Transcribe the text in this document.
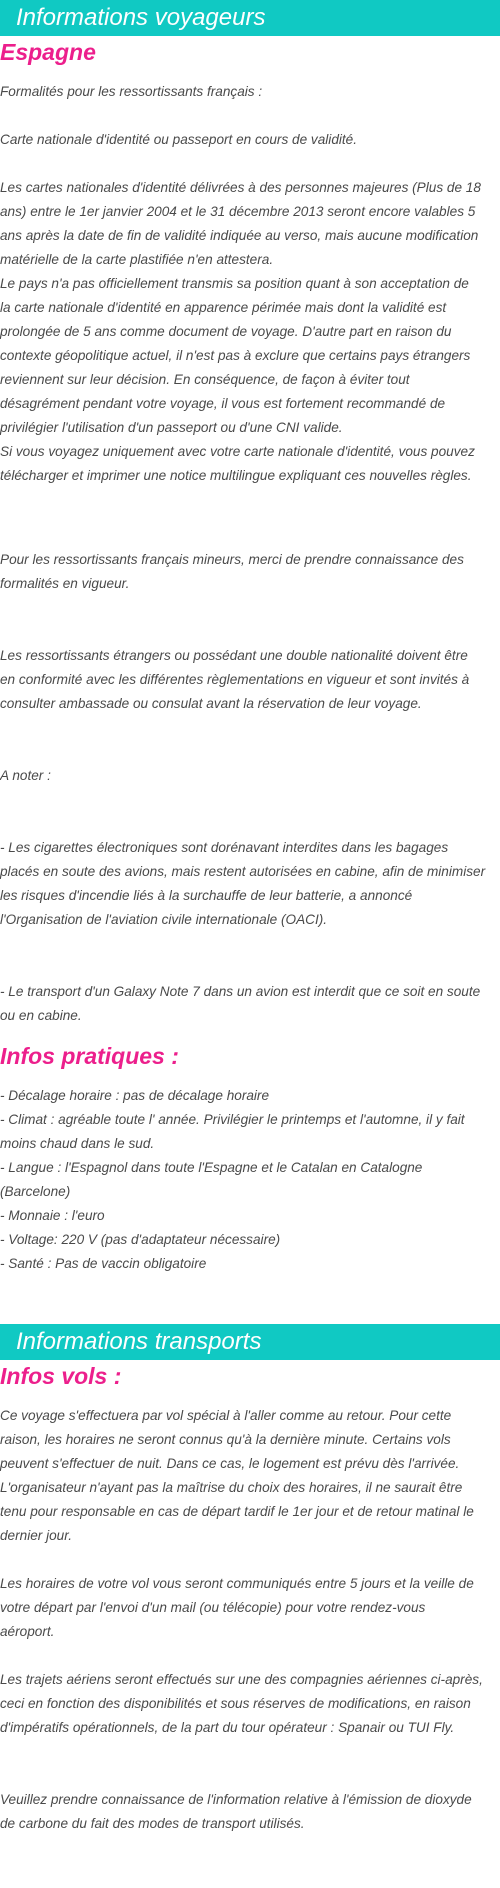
Informations voyageurs
Espagne

Formalités pour les ressortissants français :

Carte nationale d'identité ou passeport en cours de validité.

Les cartes nationales d'identité délivrées à des personnes majeures (Plus de 18
ans) entre le 1er janvier 2004 et le 31 décembre 2013 seront encore valables 5
ans après la date de fin de validité indiquée au verso, mais aucune modification
matérielle de la carte plastifiée n'en attestera.
Le pays n'a pas officiellement transmis sa position quant à son acceptation de
la carte nationale d'identité en apparence périmée mais dont la validité est
prolongée de 5 ans comme document de voyage. D'autre part en raison du
contexte géopolitique actuel, il n'est pas à exclure que certains pays étrangers
reviennent sur leur décision. En conséquence, de façon à éviter tout
désagrément pendant votre voyage, il vous est fortement recommandé de
privilégier l'utilisation d'un passeport ou d'une CNI valide.
Si vous voyagez uniquement avec votre carte nationale d'identité, vous pouvez
télécharger et imprimer une notice multilingue expliquant ces nouvelles règles.

Pour les ressortissants français mineurs, merci de prendre connaissance des
formalités en vigueur.

Les ressortissants étrangers ou possédant une double nationalité doivent être
en conformité avec les différentes règlementations en vigueur et sont invités à
consulter ambassade ou consulat avant la réservation de leur voyage.

A noter :

- Les cigarettes électroniques sont dorénavant interdites dans les bagages
placés en soute des avions, mais restent autorisées en cabine, afin de minimiser
les risques d'incendie liés à la surchauffe de leur batterie, a annoncé
l'Organisation de l'aviation civile internationale (OACI).

- Le transport d'un Galaxy Note 7 dans un avion est interdit que ce soit en soute
ou en cabine.

Infos pratiques :

- Décalage horaire : pas de décalage horaire
- Climat : agréable toute l' année. Privilégier le printemps et l'automne, il y fait
moins chaud dans le sud.
- Langue : l'Espagnol dans toute l'Espagne et le Catalan en Catalogne
(Barcelone)
- Monnaie : l'euro
- Voltage: 220 V (pas d'adaptateur nécessaire)
- Santé : Pas de vaccin obligatoire

Informations transports
Infos vols :

Ce voyage s'effectuera par vol spécial à l'aller comme au retour. Pour cette
raison, les horaires ne seront connus qu'à la dernière minute. Certains vols
peuvent s'effectuer de nuit. Dans ce cas, le logement est prévu dès l'arrivée.
L'organisateur n'ayant pas la maîtrise du choix des horaires, il ne saurait être
tenu pour responsable en cas de départ tardif le 1er jour et de retour matinal le
dernier jour.

Les horaires de votre vol vous seront communiqués entre 5 jours et la veille de
votre départ par l'envoi d'un mail (ou télécopie) pour votre rendez-vous
aéroport.

Les trajets aériens seront effectués sur une des compagnies aériennes ci-après,
ceci en fonction des disponibilités et sous réserves de modifications, en raison
d'impératifs opérationnels, de la part du tour opérateur : Spanair ou TUI Fly.

Veuillez prendre connaissance de l'information relative à l'émission de dioxyde
de carbone du fait des modes de transport utilisés.
